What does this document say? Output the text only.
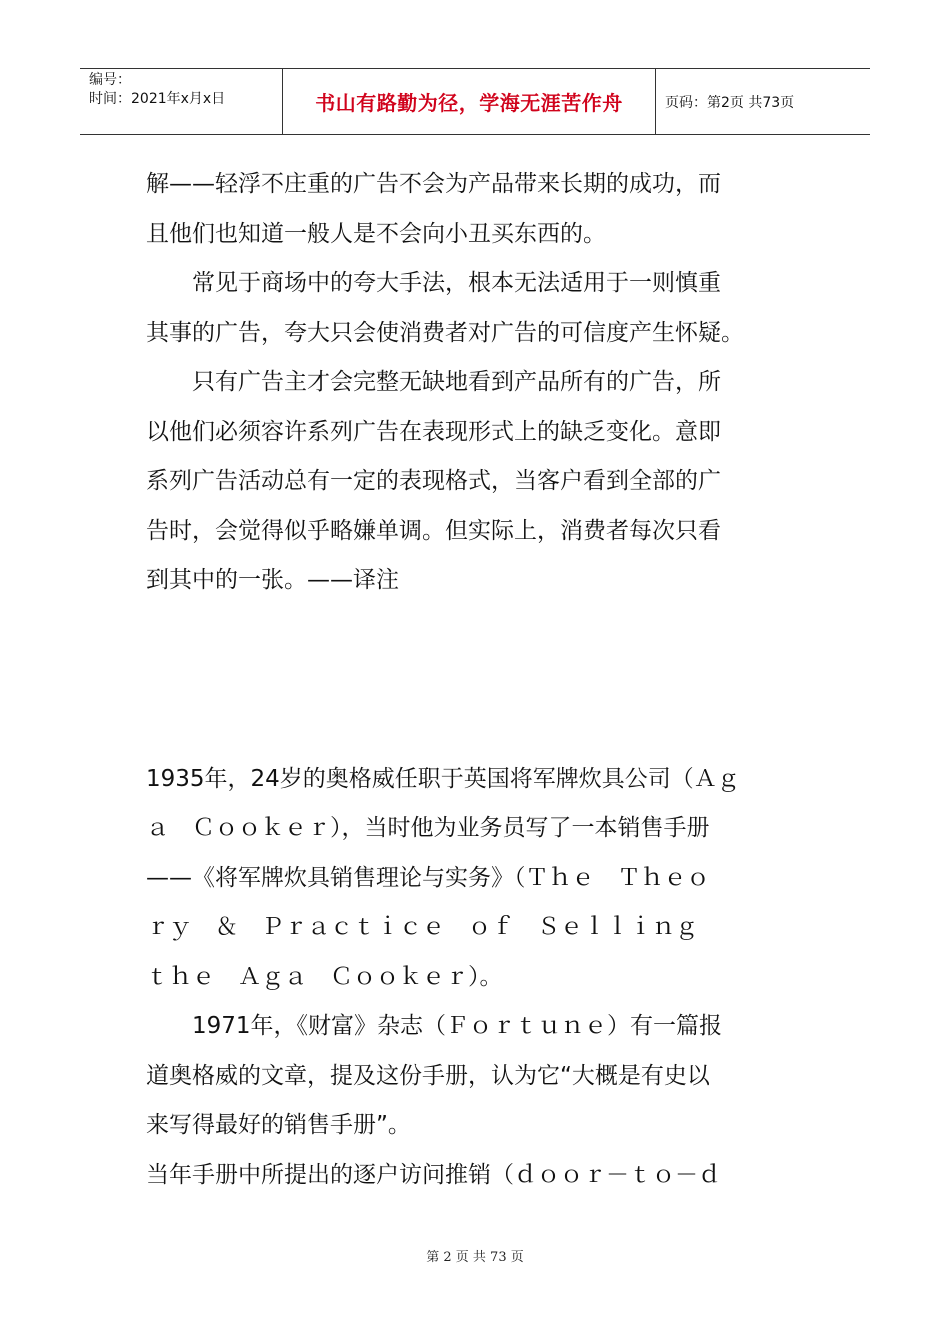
编号：
时间：2021年x月x日	书山有路勤为径，学海无涯苦作舟	页码：第2页 共73页

解——轻浮不庄重的广告不会为产品带来长期的成功，而

且他们也知道一般人是不会向小丑买东西的。

常见于商场中的夸大手法，根本无法适用于一则慎重

其事的广告，夸大只会使消费者对广告的可信度产生怀疑。

只有广告主才会完整无缺地看到产品所有的广告，所

以他们必须容许系列广告在表现形式上的缺乏变化。意即

系列广告活动总有一定的表现格式，当客户看到全部的广

告时，会觉得似乎略嫌单调。但实际上，消费者每次只看

到其中的一张。——译注

1935年，24岁的奥格威任职于英国将军牌炊具公司（Ａｇ

ａ　Ｃｏｏｋｅｒ），当时他为业务员写了一本销售手册

——《将军牌炊具销售理论与实务》（Ｔｈｅ　Ｔｈｅｏ

ｒｙ　＆　Ｐｒａｃｔｉｃｅ　ｏｆ　Ｓｅｌｌｉｎｇ

ｔｈｅ　Ａｇａ　Ｃｏｏｋｅｒ）。

1971年，《财富》杂志（Ｆｏｒｔｕｎｅ）有一篇报

道奥格威的文章，提及这份手册，认为它“大概是有史以

来写得最好的销售手册”。

当年手册中所提出的逐户访问推销（ｄｏｏｒ－ｔｏ－ｄ

第 2 页 共 73 页
